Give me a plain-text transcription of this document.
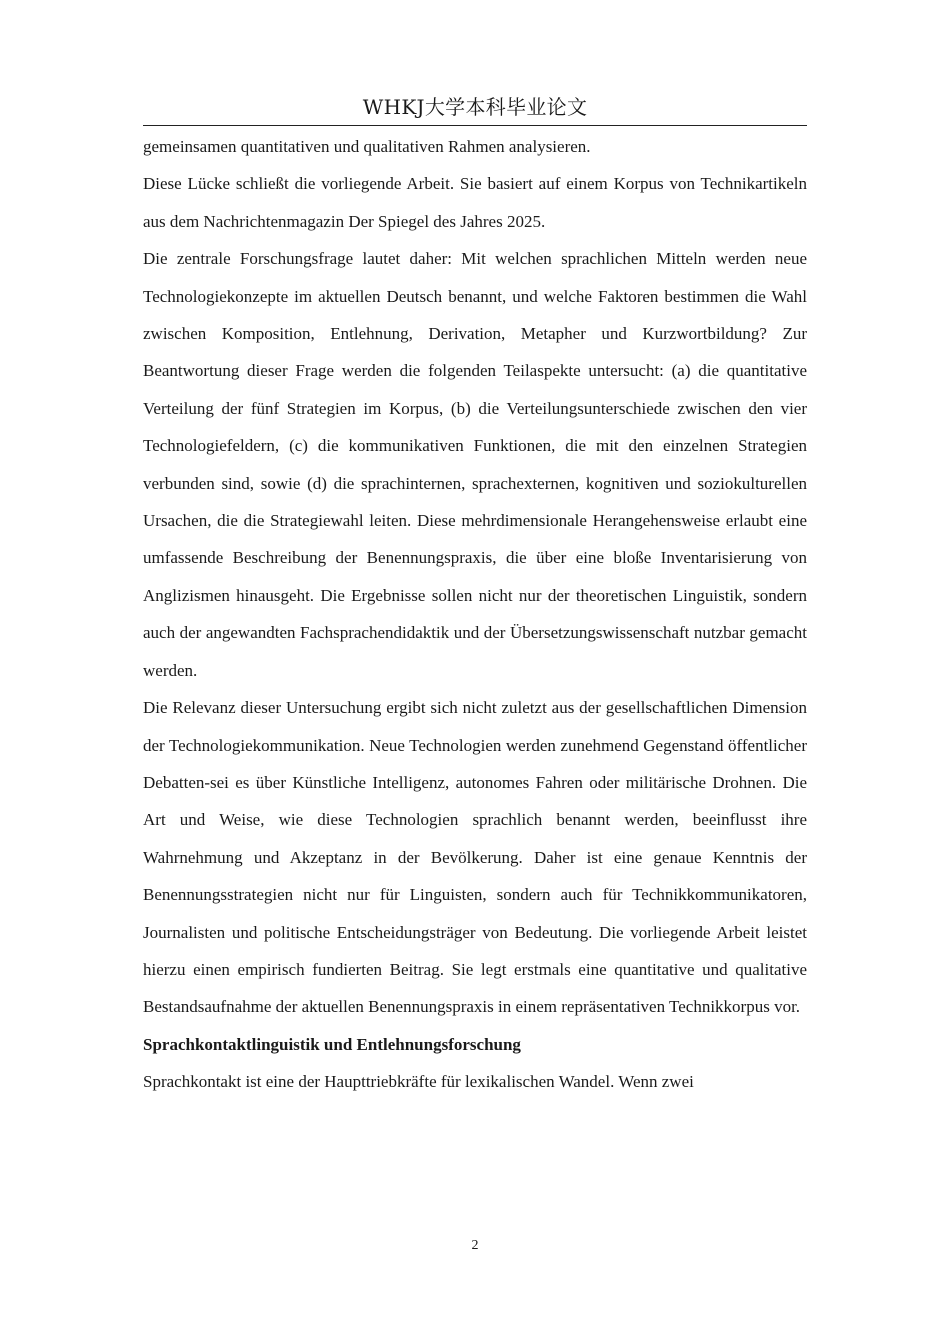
WHKJ大学本科毕业论文

gemeinsamen quantitativen und qualitativen Rahmen analysieren.

Diese Lücke schließt die vorliegende Arbeit. Sie basiert auf einem Korpus von Technikartikeln aus dem Nachrichtenmagazin Der Spiegel des Jahres 2025.

Die zentrale Forschungsfrage lautet daher: Mit welchen sprachlichen Mitteln werden neue Technologiekonzepte im aktuellen Deutsch benannt, und welche Faktoren bestimmen die Wahl zwischen Komposition, Entlehnung, Derivation, Metapher und Kurzwortbildung? Zur Beantwortung dieser Frage werden die folgenden Teilaspekte untersucht: (a) die quantitative Verteilung der fünf Strategien im Korpus, (b) die Verteilungsunterschiede zwischen den vier Technologiefeldern, (c) die kommunikativen Funktionen, die mit den einzelnen Strategien verbunden sind, sowie (d) die sprachinternen, sprachexternen, kognitiven und soziokulturellen Ursachen, die die Strategiewahl leiten. Diese mehrdimensionale Herangehensweise erlaubt eine umfassende Beschreibung der Benennungspraxis, die über eine bloße Inventarisierung von Anglizismen hinausgeht. Die Ergebnisse sollen nicht nur der theoretischen Linguistik, sondern auch der angewandten Fachsprachendidaktik und der Übersetzungswissenschaft nutzbar gemacht werden.

Die Relevanz dieser Untersuchung ergibt sich nicht zuletzt aus der gesellschaftlichen Dimension der Technologiekommunikation. Neue Technologien werden zunehmend Gegenstand öffentlicher Debatten-sei es über Künstliche Intelligenz, autonomes Fahren oder militärische Drohnen. Die Art und Weise, wie diese Technologien sprachlich benannt werden, beeinflusst ihre Wahrnehmung und Akzeptanz in der Bevölkerung. Daher ist eine genaue Kenntnis der Benennungsstrategien nicht nur für Linguisten, sondern auch für Technikkommunikatoren, Journalisten und politische Entscheidungsträger von Bedeutung. Die vorliegende Arbeit leistet hierzu einen empirisch fundierten Beitrag. Sie legt erstmals eine quantitative und qualitative Bestandsaufnahme der aktuellen Benennungspraxis in einem repräsentativen Technikkorpus vor.

Sprachkontaktlinguistik und Entlehnungsforschung

Sprachkontakt ist eine der Haupttriebkräfte für lexikalischen Wandel. Wenn zwei

2
